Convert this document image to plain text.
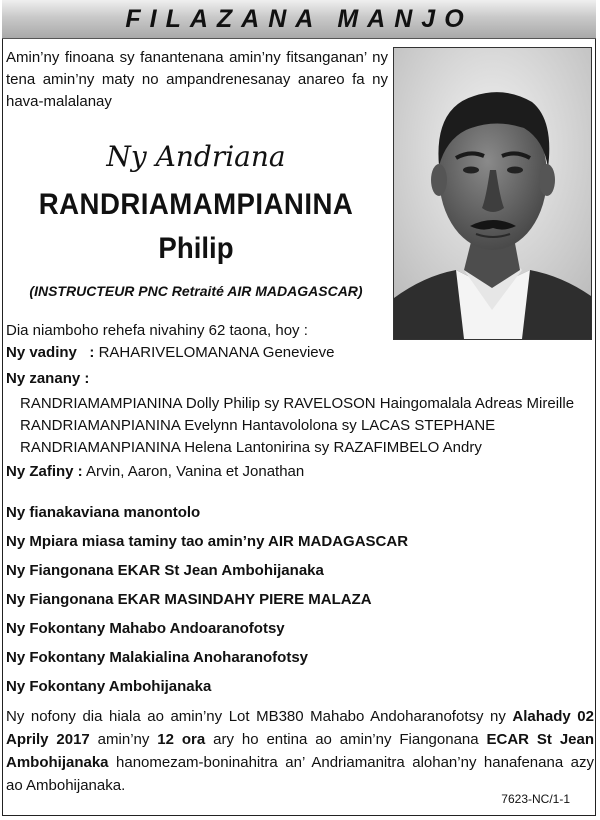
FILAZANA MANJO
Amin’ny finoana sy fanantenana amin’ny fitsanganan’ ny tena amin’ny maty no ampandrenesanay anareo fa ny hava-malalanay
Ny Andriana
RANDRIAMAMPIANINA
Philip
(INSTRUCTEUR PNC Retraité AIR MADAGASCAR)
Dia niamboho rehefa nivahiny 62 taona, hoy :
Ny vadiny : RAHARIVELOMANANA Genevieve
Ny zanany :
RANDRIAMAMPIANINA Dolly Philip sy RAVELOSON Haingomalala Adreas Mireille
RANDRIAMANPIANINA Evelynn Hantavololona sy LACAS STEPHANE
RANDRIAMANPIANINA Helena Lantonirina sy RAZAFIMBELO Andry
Ny Zafiny : Arvin, Aaron, Vanina et Jonathan
Ny fianakaviana manontolo
Ny Mpiara miasa taminy tao amin’ny AIR MADAGASCAR
Ny Fiangonana EKAR St Jean Ambohijanaka
Ny Fiangonana EKAR MASINDAHY PIERE MALAZA
Ny Fokontany Mahabo Andoaranofotsy
Ny Fokontany Malakialina Anoharanofotsy
Ny Fokontany Ambohijanaka
Ny nofony dia hiala ao amin’ny Lot MB380 Mahabo Andoharanofotsy ny Alahady 02 Aprily 2017 amin’ny 12 ora ary ho entina ao amin’ny Fiangonana ECAR St Jean Ambohijanaka hanomezam-boninahitra an’ Andriamanitra alohan’ny hanafenana azy ao Ambohijanaka.
7623-NC/1-1
